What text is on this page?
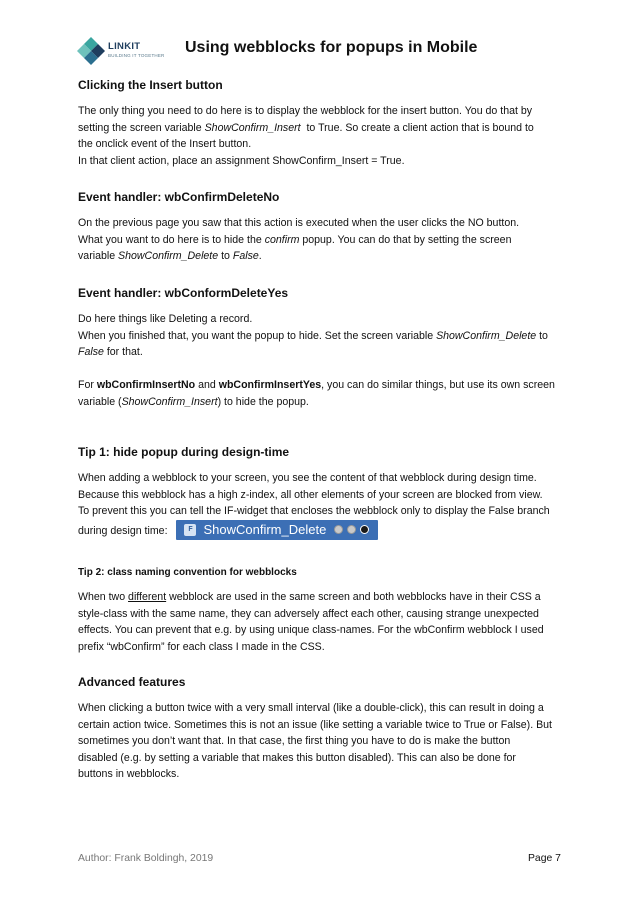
LINKIT
BUILDING IT TOGETHER Using webblocks for popups in Mobile
Clicking the Insert button

The only thing you need to do here is to display the webblock for the insert button. You do that by
setting the screen variable ShowConfirm_Insert  to True. So create a client action that is bound to
the onclick event of the Insert button.
In that client action, place an assignment ShowConfirm_Insert = True.

Event handler: wbConfirmDeleteNo

On the previous page you saw that this action is executed when the user clicks the NO button.
What you want to do here is to hide the confirm popup. You can do that by setting the screen
variable ShowConfirm_Delete to False.

Event handler: wbConformDeleteYes

Do here things like Deleting a record.
When you finished that, you want the popup to hide. Set the screen variable ShowConfirm_Delete to
False for that.

For wbConfirmInsertNo and wbConfirmInsertYes, you can do similar things, but use its own screen
variable (ShowConfirm_Insert) to hide the popup.

Tip 1: hide popup during design-time

When adding a webblock to your screen, you see the content of that webblock during design time.
Because this webblock has a high z-index, all other elements of your screen are blocked from view.
To prevent this you can tell the IF-widget that encloses the webblock only to display the False branch
during design time:	F ShowConfirm_Delete

Tip 2: class naming convention for webblocks

When two different webblock are used in the same screen and both webblocks have in their CSS a
style-class with the same name, they can adversely affect each other, causing strange unexpected
effects. You can prevent that e.g. by using unique class-names. For the wbConfirm webblock I used
prefix “wbConfirm” for each class I made in the CSS.

Advanced features

When clicking a button twice with a very small interval (like a double-click), this can result in doing a
certain action twice. Sometimes this is not an issue (like setting a variable twice to True or False). But
sometimes you don’t want that. In that case, the first thing you have to do is make the button
disabled (e.g. by setting a variable that makes this button disabled). This can also be done for
buttons in webblocks.

Author: Frank Boldingh, 2019	Page 7
